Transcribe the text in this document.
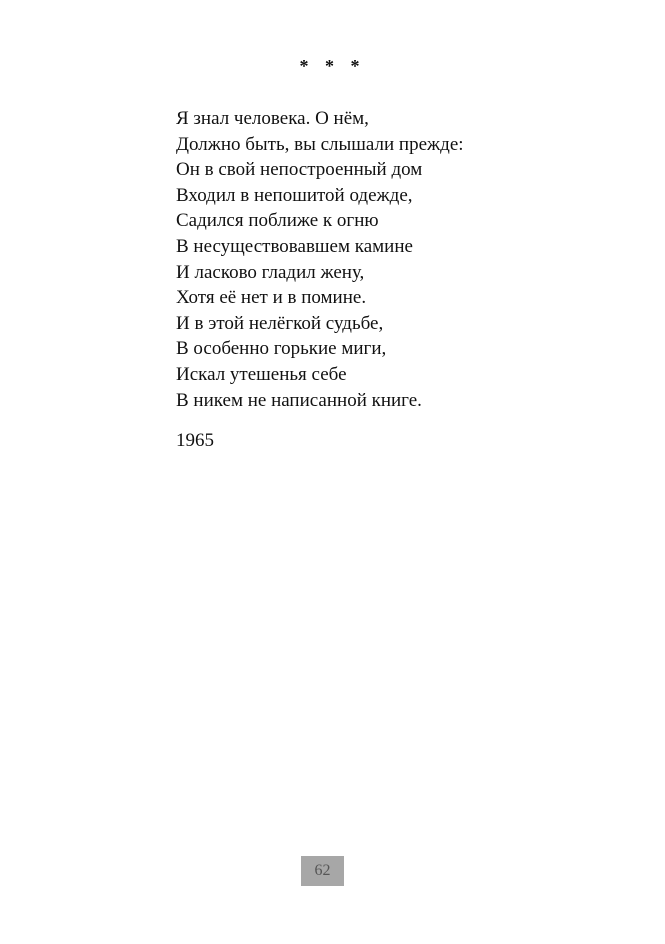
* * *
Я знал человека. О нём,
Должно быть, вы слышали прежде:
Он в свой непостроенный дом
Входил в непошитой одежде,
Садился поближе к огню
В несуществовавшем камине
И ласково гладил жену,
Хотя её нет и в помине.
И в этой нелёгкой судьбе,
В особенно горькие миги,
Искал утешенья себе
В никем не написанной книге.
1965
62
